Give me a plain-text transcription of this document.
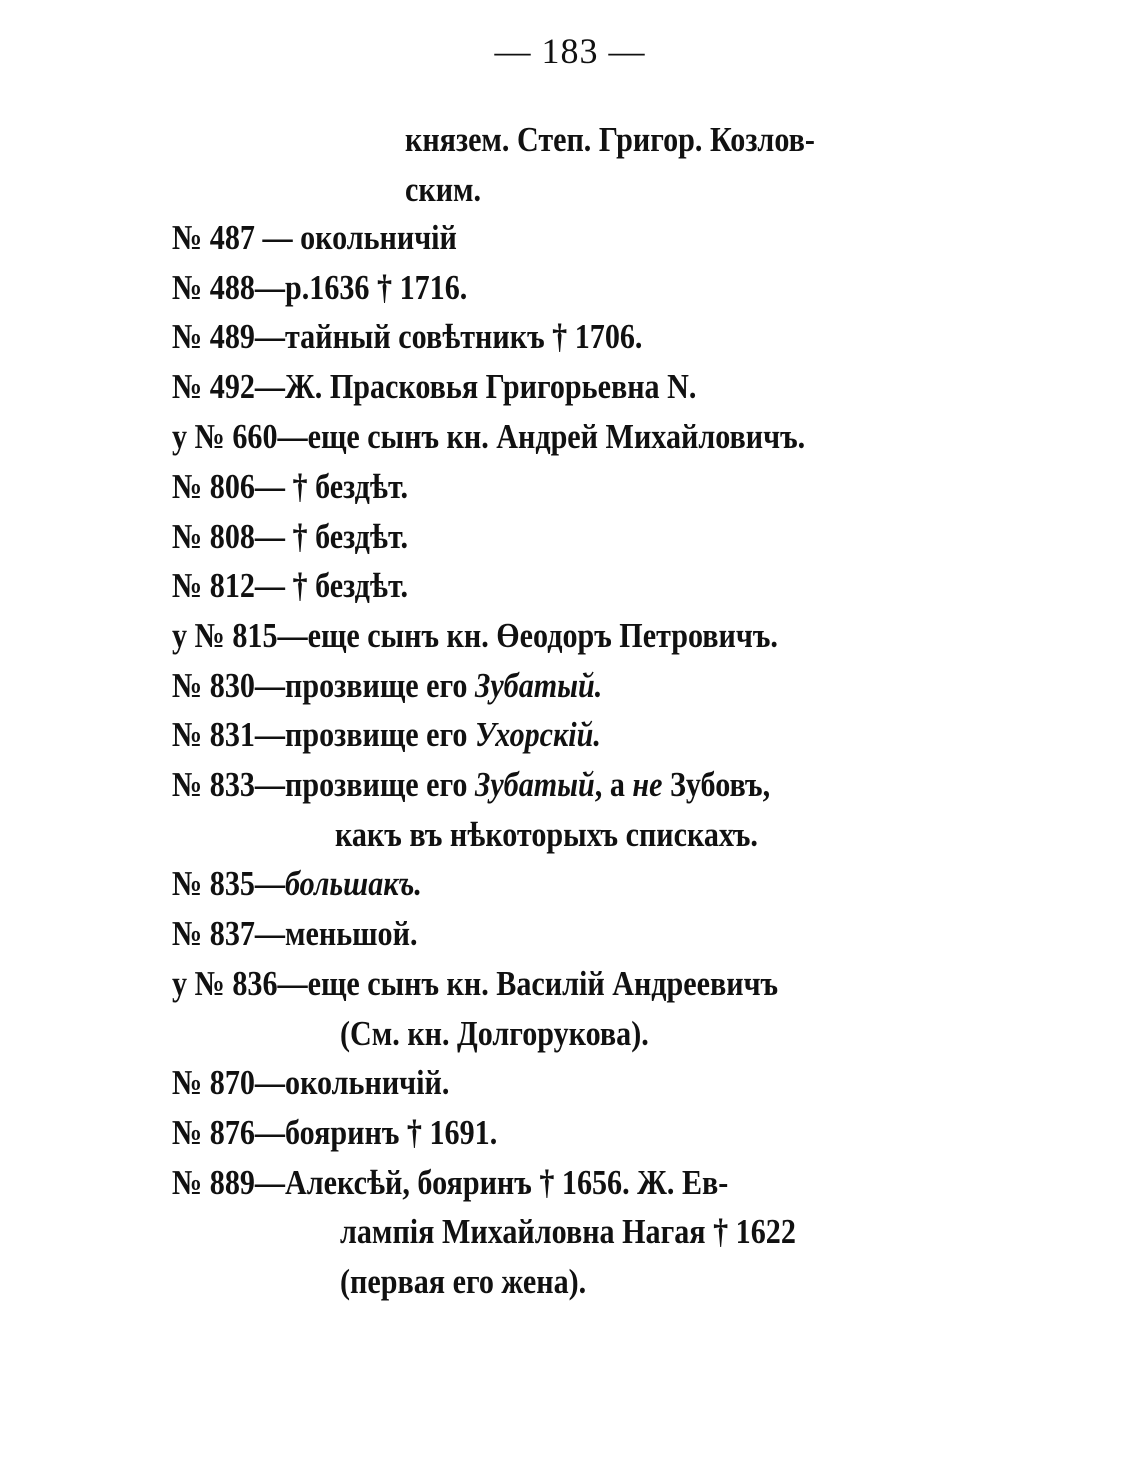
— 183 —
князем. Степ. Григор. Козлов-
ским.
№ 487 — окольничій
№ 488—р.1636 † 1716.
№ 489—тайный совѣтникъ † 1706.
№ 492—Ж. Прасковья Григорьевна N.
у № 660—еще сынъ кн. Андрей Михайловичъ.
№ 806— † бездѣт.
№ 808— † бездѣт.
№ 812— † бездѣт.
у № 815—еще сынъ кн. Өеодоръ Петровичъ.
№ 830—прозвище его Зубатый.
№ 831—прозвище его Ухорскій.
№ 833—прозвище его Зубатый, а не Зубовъ,
какъ въ нѣкоторыхъ спискахъ.
№ 835—большакъ.
№ 837—меньшой.
у № 836—еще сынъ кн. Василій Андреевичъ
(См. кн. Долгорукова).
№ 870—окольничій.
№ 876—бояринъ † 1691.
№ 889—Алексѣй, бояринъ † 1656. Ж. Ев-
лампія Михайловна Нагая † 1622
(первая его жена).
